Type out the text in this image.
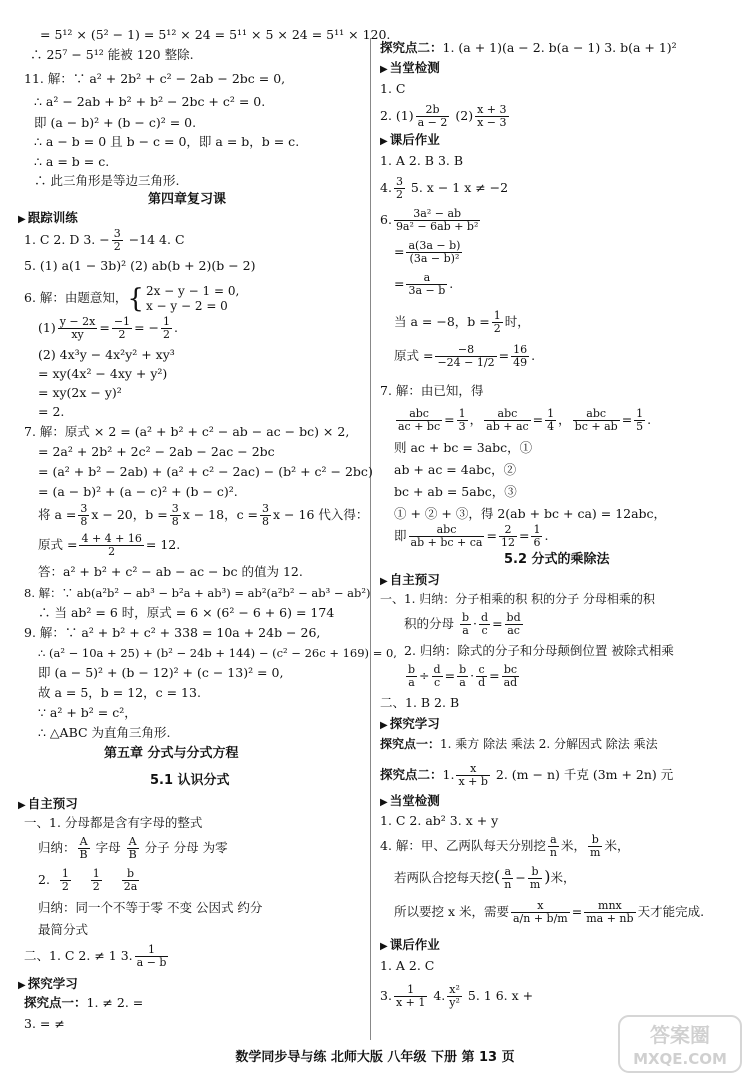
= 5¹² × (5² − 1) = 5¹² × 24 = 5¹¹ × 5 × 24 = 5¹¹ × 120.
∴ 25⁷ − 5¹² 能被 120 整除.
11. 解：∵ a² + 2b² + c² − 2ab − 2bc = 0,
∴ a² − 2ab + b² + b² − 2bc + c² = 0.
即 (a − b)² + (b − c)² = 0.
∴ a − b = 0 且 b − c = 0，即 a = b，b = c.
∴ a = b = c.
∴ 此三角形是等边三角形.
第四章复习课
▶ 跟踪训练
1. C 2. D 3. − $\frac{3}{2} -14$ 4. C
5. (1) a(1 − 3b)² (2) ab(b + 2)(b − 2)
6. 解：由题意知，{ 2x − y − 1 = 0,
x − y − 2 = 0
$(1) \frac{y - 2x}{xy} = \frac{-1}{2}$ = − $\frac{1}{2}$ .
(2) 4x³y − 4x²y² + xy³
= xy(4x² − 4xy + y²)
= xy(2x − y)²
= 2.
7. 解：原式 × 2 = (a² + b² + c² − ab − ac − bc) × 2,
= 2a² + 2b² + 2c² − 2ab − 2ac − 2bc
= (a² + b² − 2ab) + (a² + c² − 2ac) − (b² + c² − 2bc)
= (a − b)² + (a − c)² + (b − c)².
将 $a = \frac{3}{8}$ x − 20，$b = \frac{3}{8}$ x − 18，$c = \frac{3}{8}$ x − 16 代入得：
原式 = $\frac{4 + 4 + 16}{2} = 12$.
答：a² + b² + c² − ab − ac − bc 的值为 12.
8. 解：∵ ab(a²b² − ab³ − b²a + ab³) = ab²(a²b² − ab³ − ab²)
∴ 当 ab² = 6 时，原式 = 6 × (6² − 6 + 6) = 174
9. 解：∵ a² + b² + c² + 338 = 10a + 24b − 26,
∴ (a² − 10a + 25) + (b² − 24b + 144) − (c² − 26c + 169) = 0,
即 (a − 5)² + (b − 12)² + (c − 13)² = 0,
故 a = 5，b = 12，c = 13.
∵ a² + b² = c²，
∴ △ABC 为直角三角形.
第五章 分式与分式方程
5.1 认识分式
▶ 自主预习
一、1. 分母都是含有字母的整式
归纳： $\frac{A}{B}$ 字母 $\frac{A}{B}$ 分子 分母 为零
2. $\frac{1}{2}$
$\frac{1}{2}$
$\frac{b}{2a}$
归纳：同一个不等于零 不变 公因式 约分
最简分式
二、1. C 2. ≠ 1 3. $\frac{1}{a - b}$
▶ 探究学习
探究点一：1. ≠ 2. =
3. = ≠
探究点二：1. (a + 1)(a − 2. b(a − 1) 3. b(a + 1)²
▶ 当堂检测
1. C
2. $(1) \frac{2b}{a - 2} (2) \frac{x + 3}{x - 3}$
▶ 课后作业
1. A 2. B 3. B
4. $\frac{3}{2} 5$. x − 1 x ≠ −2
6. $\frac{\text{3a² − ab}}{\text{9a² − 6ab + b²}}$
= $\frac{a(3a - b)}{\text{(3a − b)²}}$
= $\frac{a}{3a - b}$ .
当 a = −8，$b = \frac{1}{2}$ 时，
原式 = $\frac{-8}{-24 - 1/2} = \frac{16}{49}$ .
7. 解：由已知，得
abc
ac + bc = $\frac{1}{3}$ ，	abc
ab + ac = $\frac{1}{4}$ ，	abc
bc + ab = $\frac{1}{5}$ .
则 ac + bc = 3abc，①
ab + ac = 4abc，②
bc + ab = 5abc，③
① + ② + ③，得 2(ab + bc + ca) = 12abc，
即	abc
ab + bc + ca = $\frac{2}{12} = \frac{1}{6}$ .
5.2 分式的乘除法
▶ 自主预习
一、1. 归纳：分子相乘的积 积的分子 分母相乘的积
积的分母 $\frac{b}{a} \cdot \frac{d}{c} = \frac{bd}{ac}$
2. 归纳：除式的分子和分母颠倒位置 被除式相乘
$\frac{b}{a} \div \frac{d}{c} = \frac{b}{a} \cdot \frac{c}{d} = \frac{bc}{ad}$
二、1. B 2. B
▶ 探究学习
探究点一：1. 乘方 除法 乘法 2. 分解因式 除法 乘法
探究点二：1. $\frac{x}{x + b} 2$. (m − n) 千克 (3m + 2n) 元
▶ 当堂检测
1. C 2. ab² 3. x + y
4. 解：甲、乙两队每天分别挖 $\frac{a}{n}$ 米， $\frac{b}{m}$ 米，
若两队合挖每天挖( $\frac{a}{n} - \frac{b}{m}$ )米，
所以要挖 x 米，需要 $\frac{x}{a/n + b/m}$ =	mnx
ma + nb 天才能完成.
▶ 课后作业
1. A 2. C
3. $\frac{1}{x + 1} 4$. $\frac{\text{x²}}{\text{y²}} 5$. 1 6. x +
数学同步导与练 北师大版 八年级 下册 第 13 页
答案圈
MXQE.COM
